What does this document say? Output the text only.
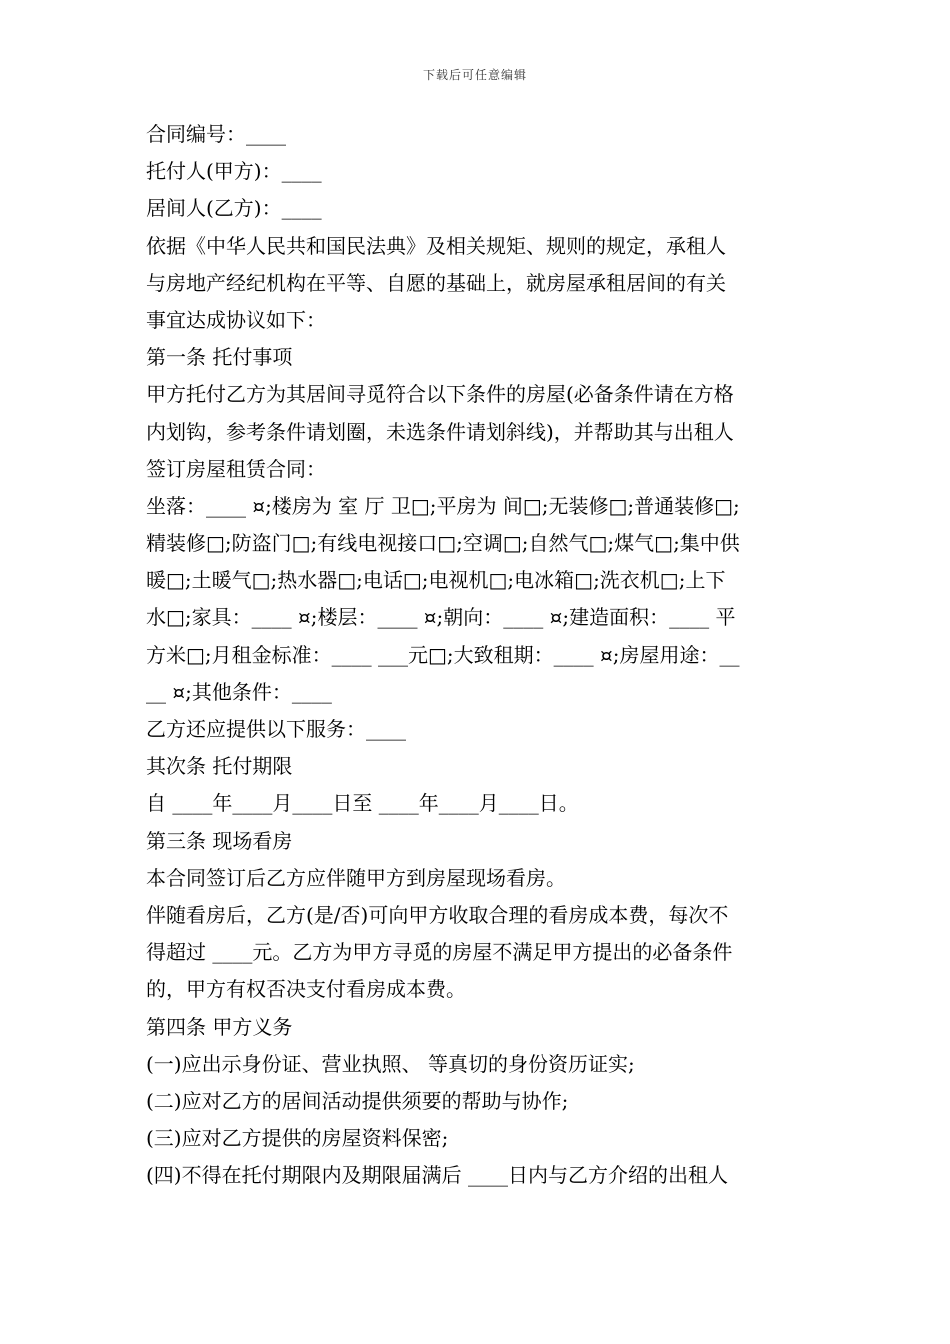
下载后可任意编辑
合同编号：____
托付人(甲方)：____
居间人(乙方)：____
依据《中华人民共和国民法典》及相关规矩、规则的规定，承租人
与房地产经纪机构在平等、自愿的基础上，就房屋承租居间的有关
事宜达成协议如下：
第一条 托付事项
甲方托付乙方为其居间寻觅符合以下条件的房屋(必备条件请在方格
内划钩，参考条件请划圈，未选条件请划斜线)，并帮助其与出租人
签订房屋租赁合同：
坐落：____ ¤;楼房为 室 厅 卫□;平房为 间□;无装修□;普通装修□;
精装修□;防盗门□;有线电视接口□;空调□;自然气□;煤气□;集中供
暖□;土暖气□;热水器□;电话□;电视机□;电冰箱□;洗衣机□;上下
水□;家具：____ ¤;楼层：____ ¤;朝向：____ ¤;建造面积：____ 平
方米□;月租金标准：____ ___元□;大致租期：____ ¤;房屋用途：__
__ ¤;其他条件：____
乙方还应提供以下服务：____
其次条 托付期限
自 ____年____月____日至 ____年____月____日。
第三条 现场看房
本合同签订后乙方应伴随甲方到房屋现场看房。
伴随看房后，乙方(是/否)可向甲方收取合理的看房成本费，每次不
得超过 ____元。乙方为甲方寻觅的房屋不满足甲方提出的必备条件
的，甲方有权否决支付看房成本费。
第四条 甲方义务
(一)应出示身份证、营业执照、 等真切的身份资历证实;
(二)应对乙方的居间活动提供须要的帮助与协作;
(三)应对乙方提供的房屋资料保密;
(四)不得在托付期限内及期限届满后 ____日内与乙方介绍的出租人
